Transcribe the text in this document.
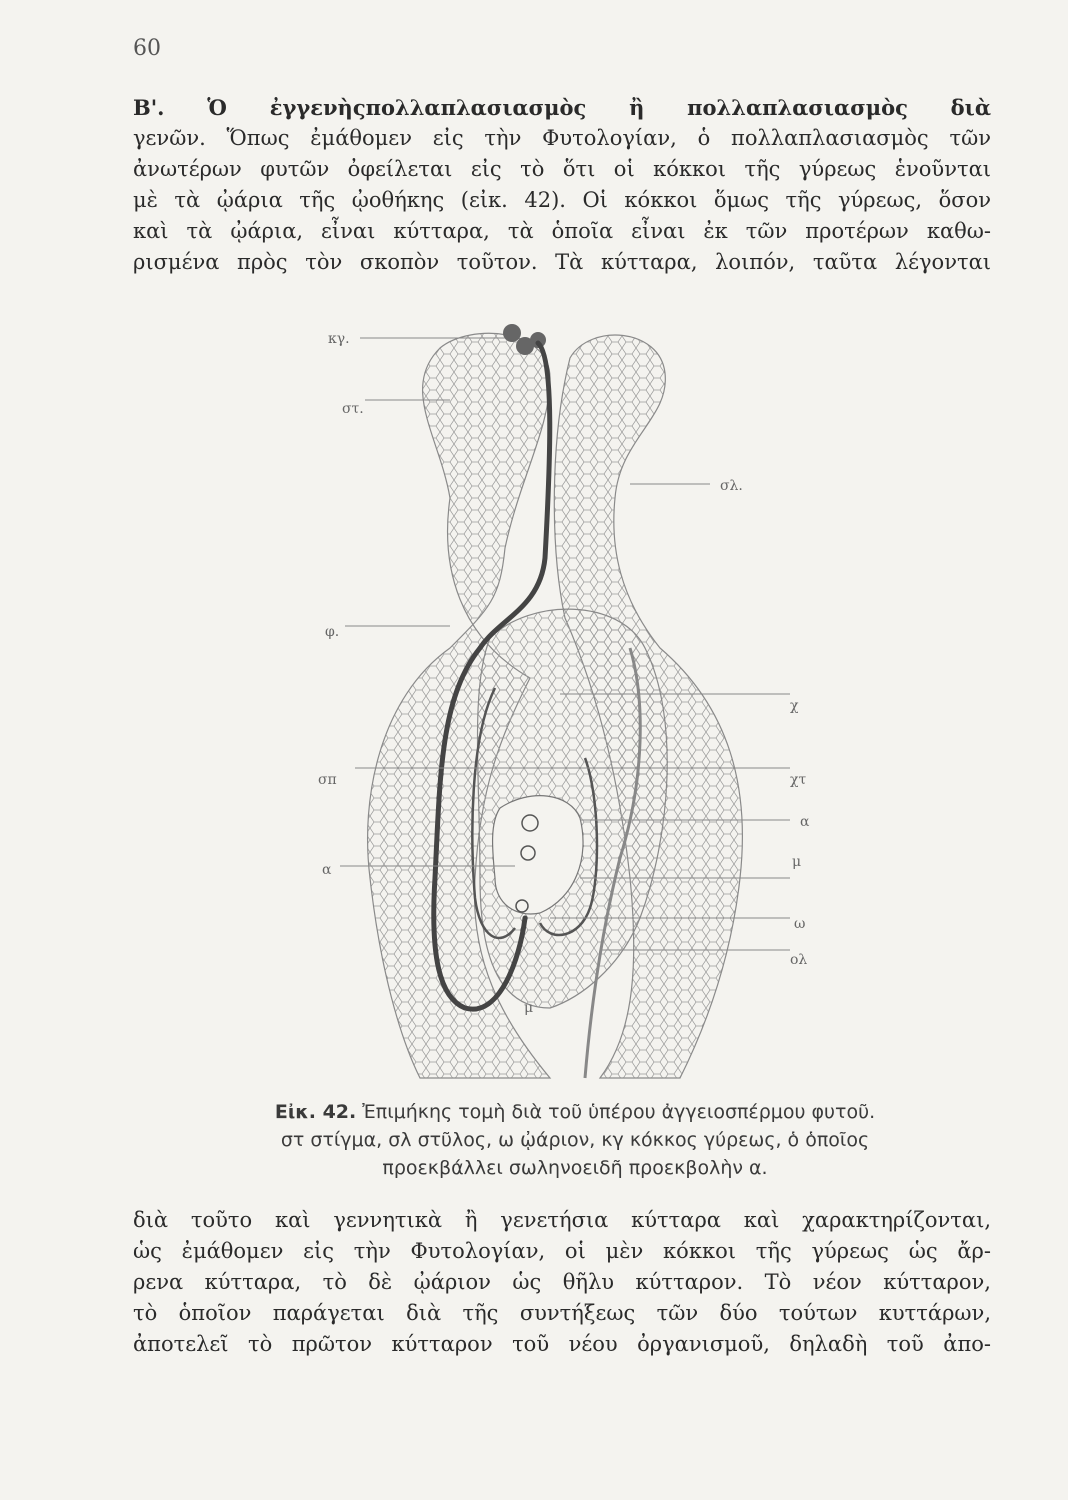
60
Β'. Ὁ ἐγγενὴςπολλαπλασιασμὸς ἢ πολλαπλασιασμὸς διὰ
γενῶν. Ὅπως ἐμάθομεν εἰς τὴν Φυτολογίαν, ὁ πολλαπλασιασμὸς τῶν
ἀνωτέρων φυτῶν ὀφείλεται εἰς τὸ ὅτι οἱ κόκκοι τῆς γύρεως ἑνοῦνται
μὲ τὰ ᾠάρια τῆς ᾠοθήκης (εἰκ. 42). Οἱ κόκκοι ὅμως τῆς γύρεως, ὅσον
καὶ τὰ ᾠάρια, εἶναι κύτταρα, τὰ ὁποῖα εἶναι ἐκ τῶν προτέρων καθω-
ρισμένα πρὸς τὸν σκοπὸν τοῦτον. Τὰ κύτταρα, λοιπόν, ταῦτα λέγονται
κγ.
στ.
σλ.
φ.
χ
σπ	χτ
α
α	μ
ω
ολ
μ
Εἰκ. 42. Ἐπιμήκης τομὴ διὰ τοῦ ὑπέρου ἀγγειοσπέρμου φυτοῦ.
στ στίγμα, σλ στῦλος, ω ᾠάριον, κγ κόκκος γύρεως, ὁ ὁποῖος
προεκβάλλει σωληνοειδῆ προεκβολὴν α.
διὰ τοῦτο καὶ γεννητικὰ ἢ γενετήσια κύτταρα καὶ χαρακτηρίζονται,
ὡς ἐμάθομεν εἰς τὴν Φυτολογίαν, οἱ μὲν κόκκοι τῆς γύρεως ὡς ἄρ-
ρενα κύτταρα, τὸ δὲ ᾠάριον ὡς θῆλυ κύτταρον. Τὸ νέον κύτταρον,
τὸ ὁποῖον παράγεται διὰ τῆς συντήξεως τῶν δύο τούτων κυττάρων,
ἀποτελεῖ τὸ πρῶτον κύτταρον τοῦ νέου ὀργανισμοῦ, δηλαδὴ τοῦ ἀπο-
